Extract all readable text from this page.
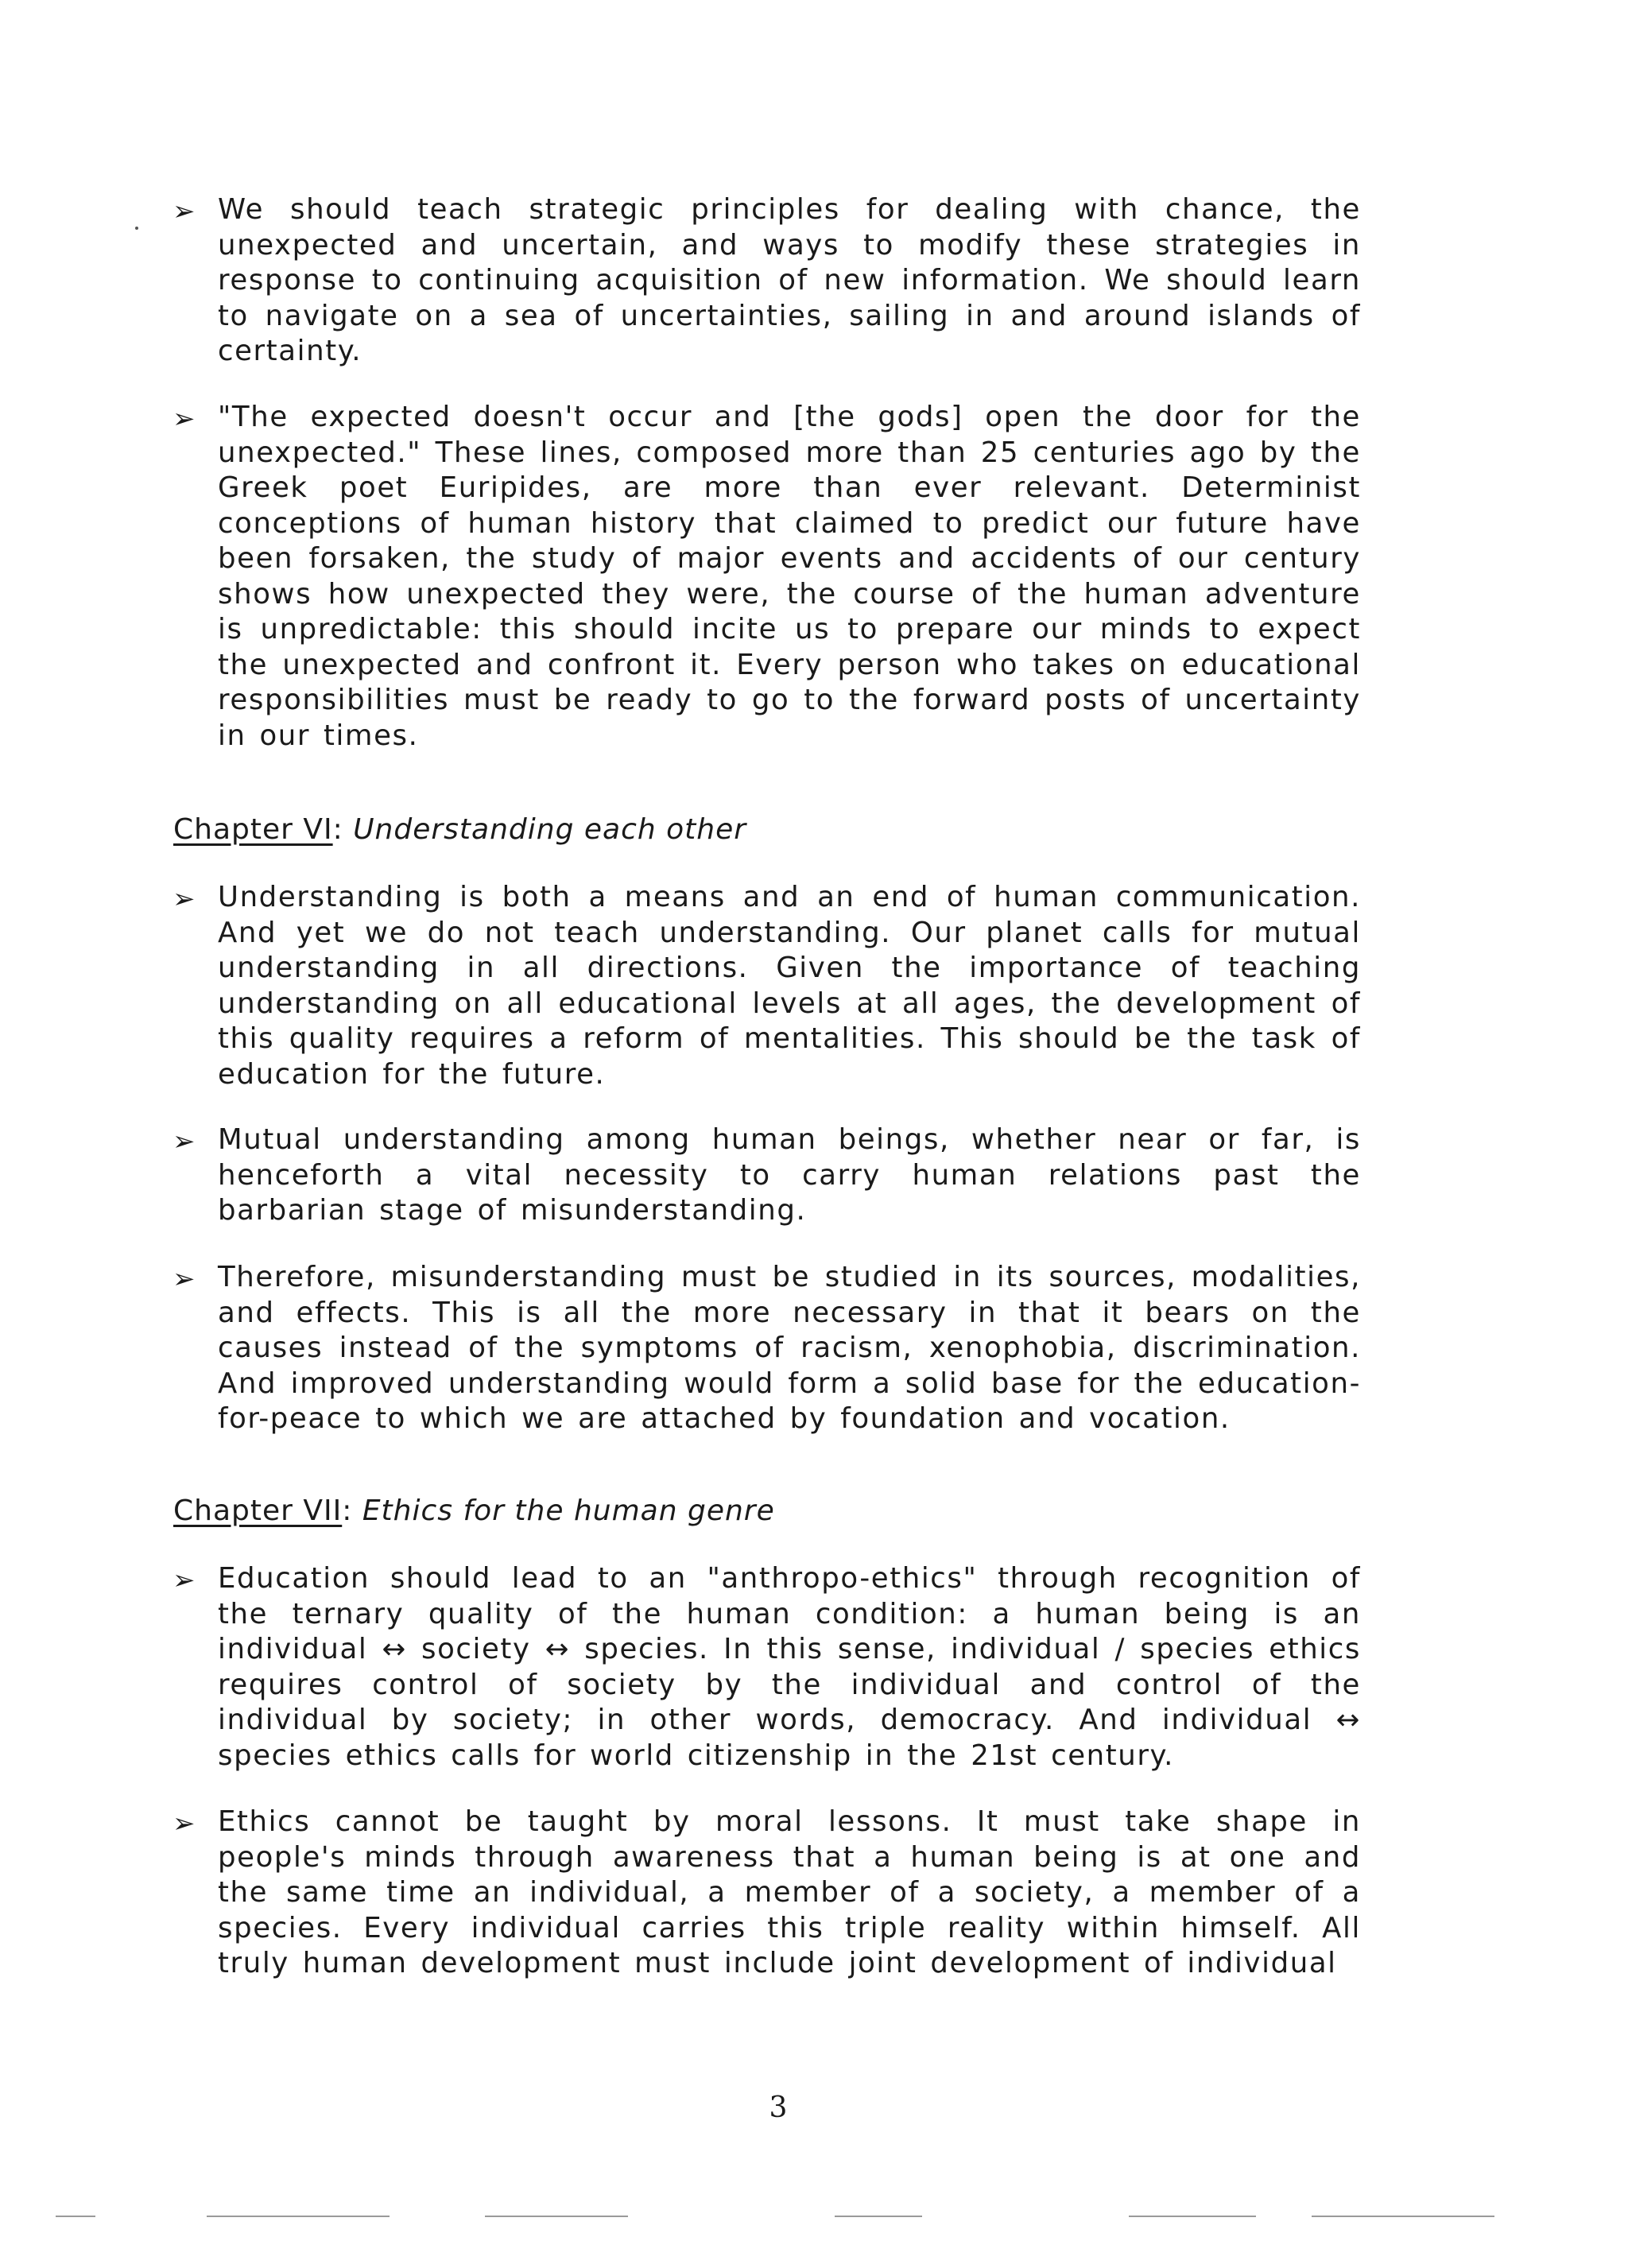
➢ We should teach strategic principles for dealing with chance, the unexpected and uncertain, and ways to modify these strategies in response to continuing acquisition of new information. We should learn to navigate on a sea of uncertainties, sailing in and around islands of certainty.
➢ "The expected doesn't occur and [the gods] open the door for the unexpected." These lines, composed more than 25 centuries ago by the Greek poet Euripides, are more than ever relevant. Determinist conceptions of human history that claimed to predict our future have been forsaken, the study of major events and accidents of our century shows how unexpected they were, the course of the human adventure is unpredictable: this should incite us to prepare our minds to expect the unexpected and confront it. Every person who takes on educational responsibilities must be ready to go to the forward posts of uncertainty in our times.
Chapter VI: Understanding each other
➢ Understanding is both a means and an end of human communication. And yet we do not teach understanding. Our planet calls for mutual understanding in all directions. Given the importance of teaching understanding on all educational levels at all ages, the development of this quality requires a reform of mentalities. This should be the task of education for the future.
➢ Mutual understanding among human beings, whether near or far, is henceforth a vital necessity to carry human relations past the barbarian stage of misunderstanding.
➢ Therefore, misunderstanding must be studied in its sources, modalities, and effects. This is all the more necessary in that it bears on the causes instead of the symptoms of racism, xenophobia, discrimination. And improved understanding would form a solid base for the education-for-peace to which we are attached by foundation and vocation.
Chapter VII: Ethics for the human genre
➢ Education should lead to an "anthropo-ethics" through recognition of the ternary quality of the human condition: a human being is an individual ↔ society ↔ species. In this sense, individual / species ethics requires control of society by the individual and control of the individual by society; in other words, democracy. And individual ↔ species ethics calls for world citizenship in the 21st century.
➢ Ethics cannot be taught by moral lessons. It must take shape in people's minds through awareness that a human being is at one and the same time an individual, a member of a society, a member of a species. Every individual carries this triple reality within himself. All truly human development must include joint development of individual
3
